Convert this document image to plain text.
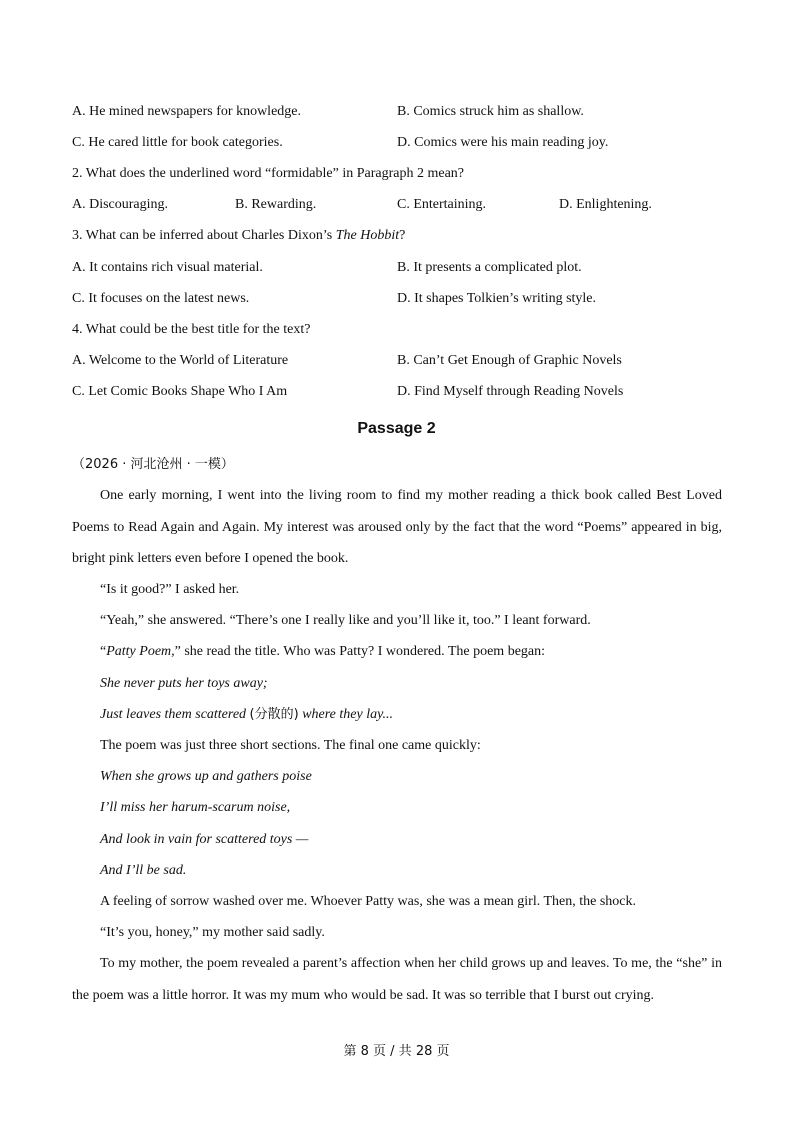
A. He mined newspapers for knowledge.	B. Comics struck him as shallow.
C. He cared little for book categories.	D. Comics were his main reading joy.
2. What does the underlined word “formidable” in Paragraph 2 mean?
A. Discouraging.	B. Rewarding.	C. Entertaining.	D. Enlightening.
3. What can be inferred about Charles Dixon’s The Hobbit?
A. It contains rich visual material.	B. It presents a complicated plot.
C. It focuses on the latest news.	D. It shapes Tolkien’s writing style.
4. What could be the best title for the text?
A. Welcome to the World of Literature	B. Can’t Get Enough of Graphic Novels
C. Let Comic Books Shape Who I Am	D. Find Myself through Reading Novels
Passage 2
（2026 · 河北沧州 · 一模）
One early morning, I went into the living room to find my mother reading a thick book called Best Loved
Poems to Read Again and Again. My interest was aroused only by the fact that the word “Poems” appeared in big,
bright pink letters even before I opened the book.
“Is it good?” I asked her.
“Yeah,” she answered. “There’s one I really like and you’ll like it, too.” I leant forward.
“Patty Poem,” she read the title. Who was Patty? I wondered. The poem began:
She never puts her toys away;
Just leaves them scattered (分散的) where they lay...
The poem was just three short sections. The final one came quickly:
When she grows up and gathers poise
I’ll miss her harum-scarum noise,
And look in vain for scattered toys —
And I’ll be sad.
A feeling of sorrow washed over me. Whoever Patty was, she was a mean girl. Then, the shock.
“It’s you, honey,” my mother said sadly.
To my mother, the poem revealed a parent’s affection when her child grows up and leaves. To me, the “she” in
the poem was a little horror. It was my mum who would be sad. It was so terrible that I burst out crying.
第 8 页 / 共 28 页
